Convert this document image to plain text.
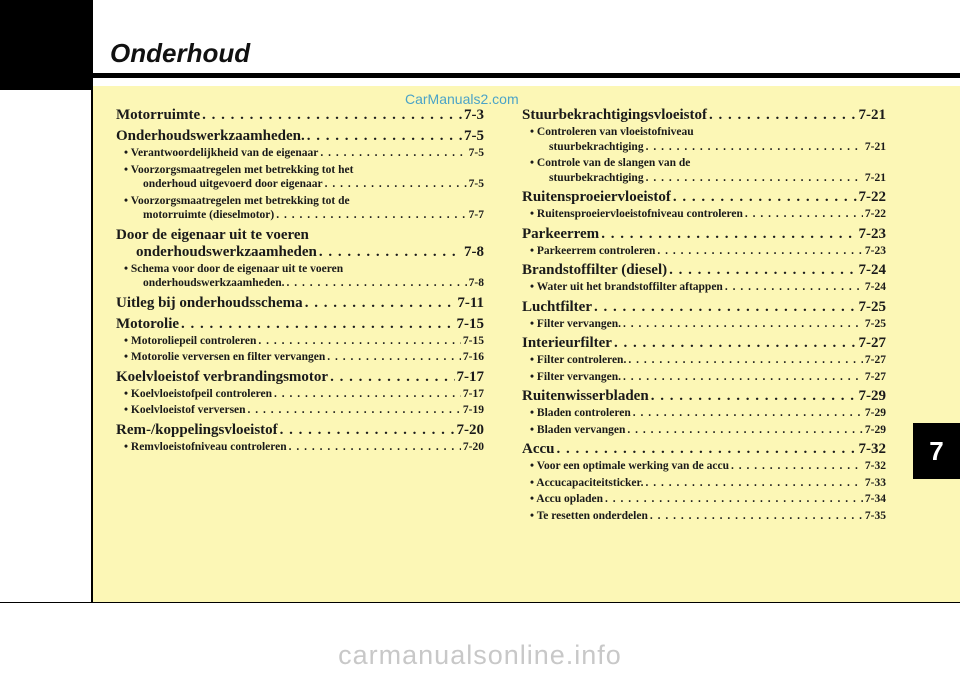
Onderhoud
CarManuals2.com
Motorruimte . . .	7-3
Onderhoudswerkzaamheden. . . .	7-5
• Verantwoordelijkheid van de eigenaar . . .	7-5
• Voorzorgsmaatregelen met betrekking tot het
onderhoud uitgevoerd door eigenaar . . .	7-5
• Voorzorgsmaatregelen met betrekking tot de
motorruimte (dieselmotor) . . .	7-7
Door de eigenaar uit te voeren
onderhoudswerkzaamheden . . .	7-8
• Schema voor door de eigenaar uit te voeren
onderhoudswerkzaamheden. . . .	7-8
Uitleg bij onderhoudsschema . . .	7-11
Motorolie . . .	7-15
• Motoroliepeil controleren . . .	7-15
• Motorolie verversen en filter vervangen . . .	7-16
Koelvloeistof verbrandingsmotor . . .	7-17
• Koelvloeistofpeil controleren . . .	7-17
• Koelvloeistof verversen . . .	7-19
Rem-/koppelingsvloeistof . . .	7-20
• Remvloeistofniveau controleren . . .	7-20
Stuurbekrachtigingsvloeistof . . .	7-21
• Controleren van vloeistofniveau
stuurbekrachtiging . . .	7-21
• Controle van de slangen van de
stuurbekrachtiging . . .	7-21
Ruitensproeiervloeistof . . .	7-22
• Ruitensproeiervloeistofniveau controleren . . .	7-22
Parkeerrem . . .	7-23
• Parkeerrem controleren . . .	7-23
Brandstoffilter (diesel) . . .	7-24
• Water uit het brandstoffilter aftappen . . .	7-24
Luchtfilter . . .	7-25
• Filter vervangen. . . .	7-25
Interieurfilter . . .	7-27
• Filter controleren. . . .	7-27
• Filter vervangen. . . .	7-27
Ruitenwisserbladen . . .	7-29
• Bladen controleren . . .	7-29
• Bladen vervangen . . .	7-29
Accu . . .	7-32
• Voor een optimale werking van de accu . . .	7-32
• Accucapaciteitsticker. . . .	7-33
• Accu opladen . . .	7-34
• Te resetten onderdelen . . .	7-35
7
carmanualsonline.info
